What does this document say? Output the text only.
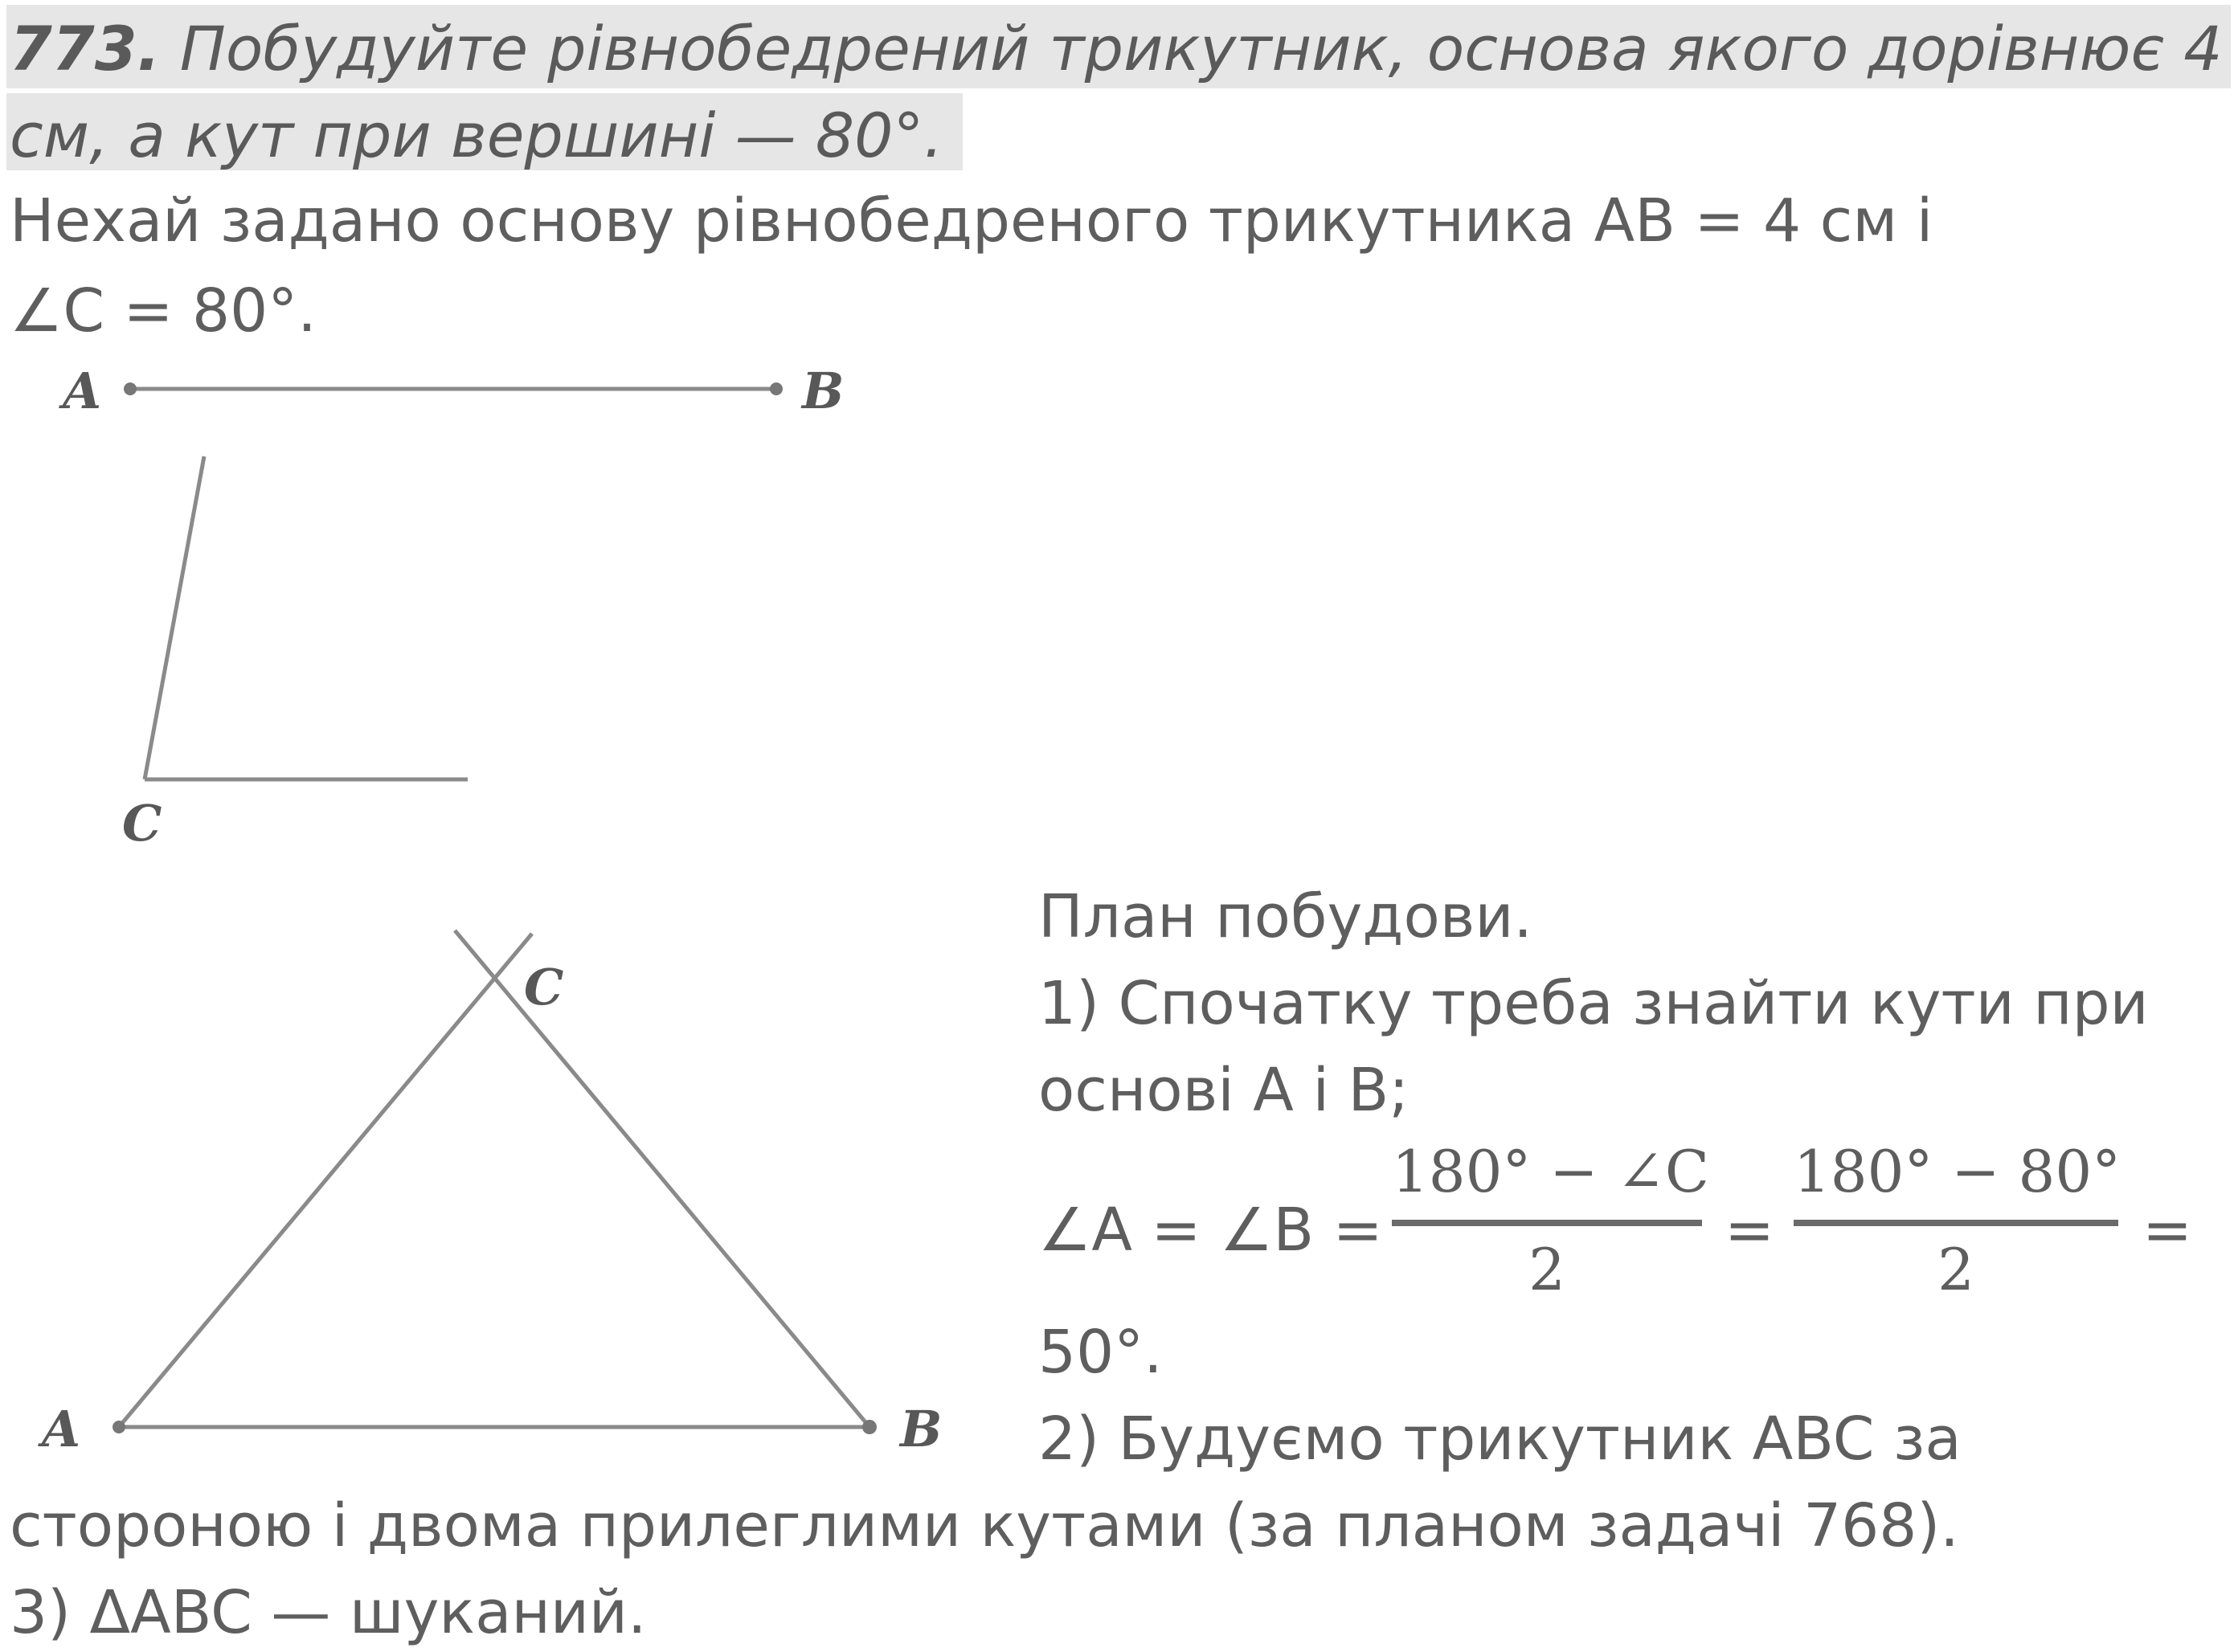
773. Побудуйте рівнобедрений трикутник, основа якого дорівнює 4
см, а кут при вершині — 80°.
Нехай задано основу рівнобедреного трикутника AB = 4 см і
∠C = 80°.
A	B
C
A	B
C
План побудови.
1) Спочатку треба знайти кути при
основі A і B;
∠A = ∠B =
180° − ∠C
2
=
180° − 80°
2
=
50°.
2) Будуємо трикутник ABC за
стороною і двома прилеглими кутами (за планом задачі 768).
3) ΔABC — шуканий.
